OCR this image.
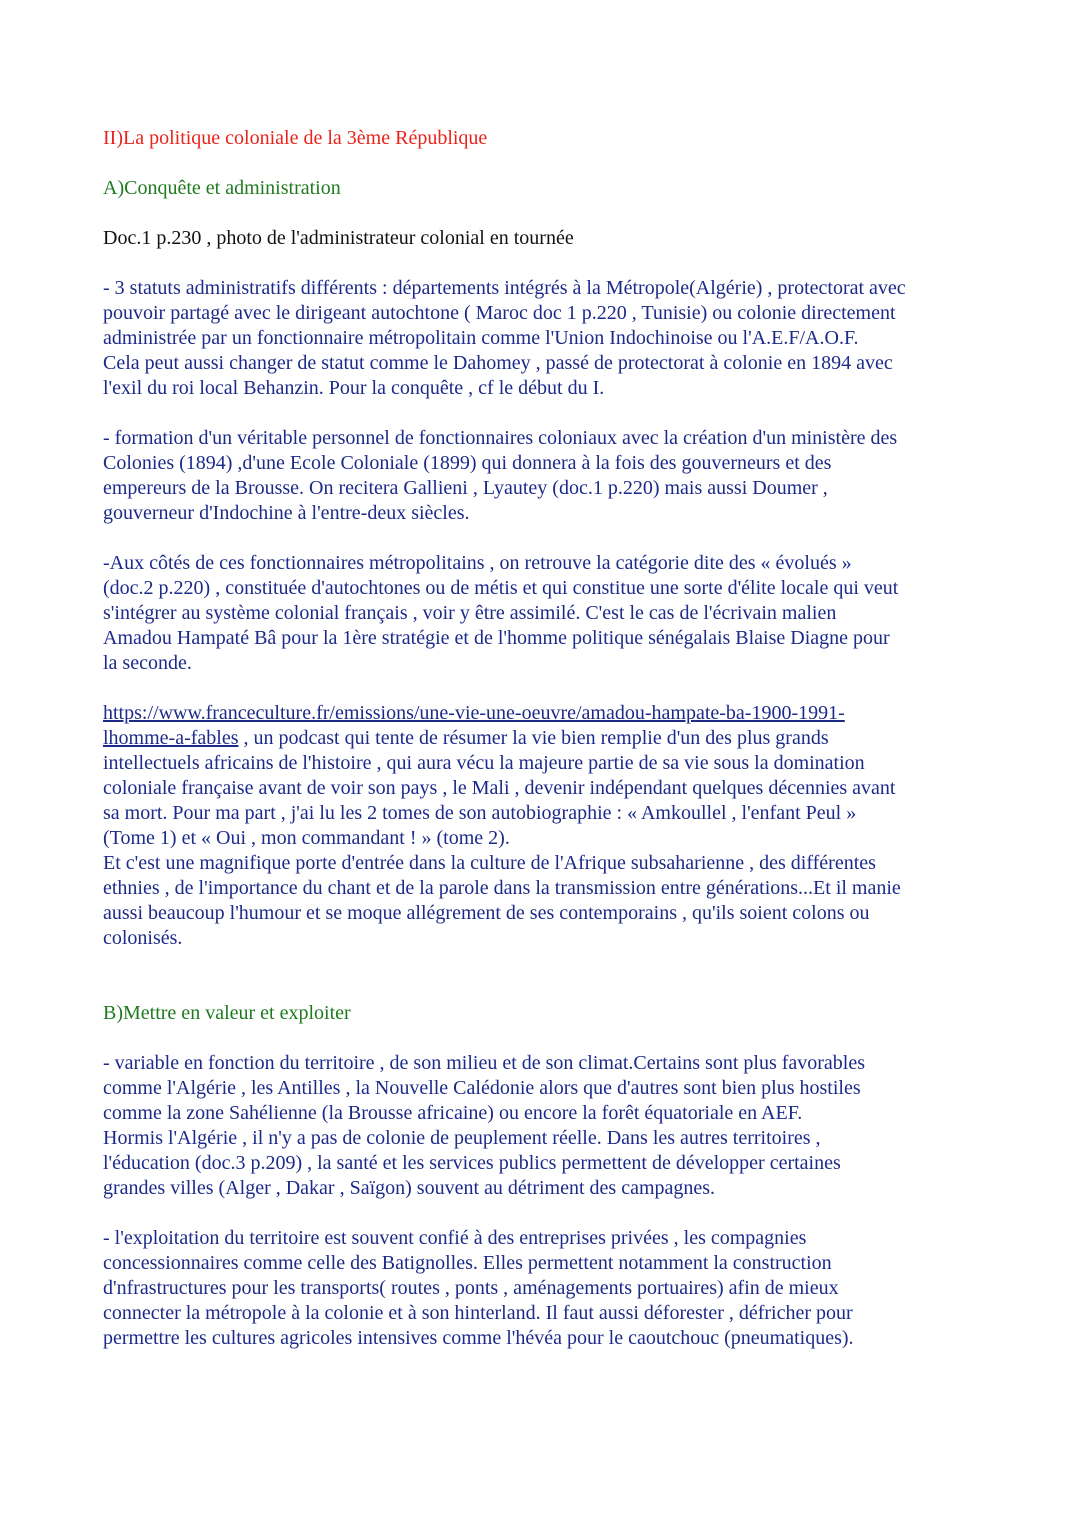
II)La politique coloniale de la 3ème République
A)Conquête et administration
Doc.1 p.230 , photo de l'administrateur colonial en tournée
- 3 statuts administratifs différents : départements intégrés à la Métropole(Algérie) , protectorat avec
pouvoir partagé avec le dirigeant autochtone ( Maroc doc 1 p.220 , Tunisie) ou colonie directement
administrée par un fonctionnaire métropolitain comme l'Union Indochinoise ou l'A.E.F/A.O.F.
Cela peut aussi changer de statut comme le Dahomey , passé de protectorat à colonie en 1894 avec
l'exil du roi local Behanzin. Pour la conquête , cf le début du I.
- formation d'un véritable personnel de fonctionnaires coloniaux avec la création d'un ministère des
Colonies (1894) ,d'une Ecole Coloniale (1899) qui donnera à la fois des gouverneurs et des
empereurs de la Brousse. On recitera Gallieni , Lyautey (doc.1 p.220) mais aussi Doumer ,
gouverneur d'Indochine à l'entre-deux siècles.
-Aux côtés de ces fonctionnaires métropolitains , on retrouve la catégorie dite des « évolués »
(doc.2 p.220) , constituée d'autochtones ou de métis et qui constitue une sorte d'élite locale qui veut
s'intégrer au système colonial français , voir y être assimilé. C'est le cas de l'écrivain malien
Amadou Hampaté Bâ pour la 1ère stratégie et de l'homme politique sénégalais Blaise Diagne pour
la seconde.
https://www.franceculture.fr/emissions/une-vie-une-oeuvre/amadou-hampate-ba-1900-1991-
lhomme-a-fables , un podcast qui tente de résumer la vie bien remplie d'un des plus grands
intellectuels africains de l'histoire , qui aura vécu la majeure partie de sa vie sous la domination
coloniale française avant de voir son pays , le Mali , devenir indépendant quelques décennies avant
sa mort. Pour ma part , j'ai lu les 2 tomes de son autobiographie : « Amkoullel , l'enfant Peul »
(Tome 1) et « Oui , mon commandant ! » (tome 2).
Et c'est une magnifique porte d'entrée dans la culture de l'Afrique subsaharienne , des différentes
ethnies , de l'importance du chant et de la parole dans la transmission entre générations...Et il manie
aussi beaucoup l'humour et se moque allégrement de ses contemporains , qu'ils soient colons ou
colonisés.
B)Mettre en valeur et exploiter
- variable en fonction du territoire , de son milieu et de son climat.Certains sont plus favorables
comme l'Algérie , les Antilles , la Nouvelle Calédonie alors que d'autres sont bien plus hostiles
comme la zone Sahélienne (la Brousse africaine) ou encore la forêt équatoriale en AEF.
Hormis l'Algérie , il n'y a pas de colonie de peuplement réelle. Dans les autres territoires ,
l'éducation (doc.3 p.209) , la santé et les services publics permettent de développer certaines
grandes villes (Alger , Dakar , Saïgon) souvent au détriment des campagnes.
- l'exploitation du territoire est souvent confié à des entreprises privées , les compagnies
concessionnaires comme celle des Batignolles. Elles permettent notamment la construction
d'nfrastructures pour les transports( routes , ponts , aménagements portuaires) afin de mieux
connecter la métropole à la colonie et à son hinterland. Il faut aussi déforester , défricher pour
permettre les cultures agricoles intensives comme l'hévéa pour le caoutchouc (pneumatiques).
